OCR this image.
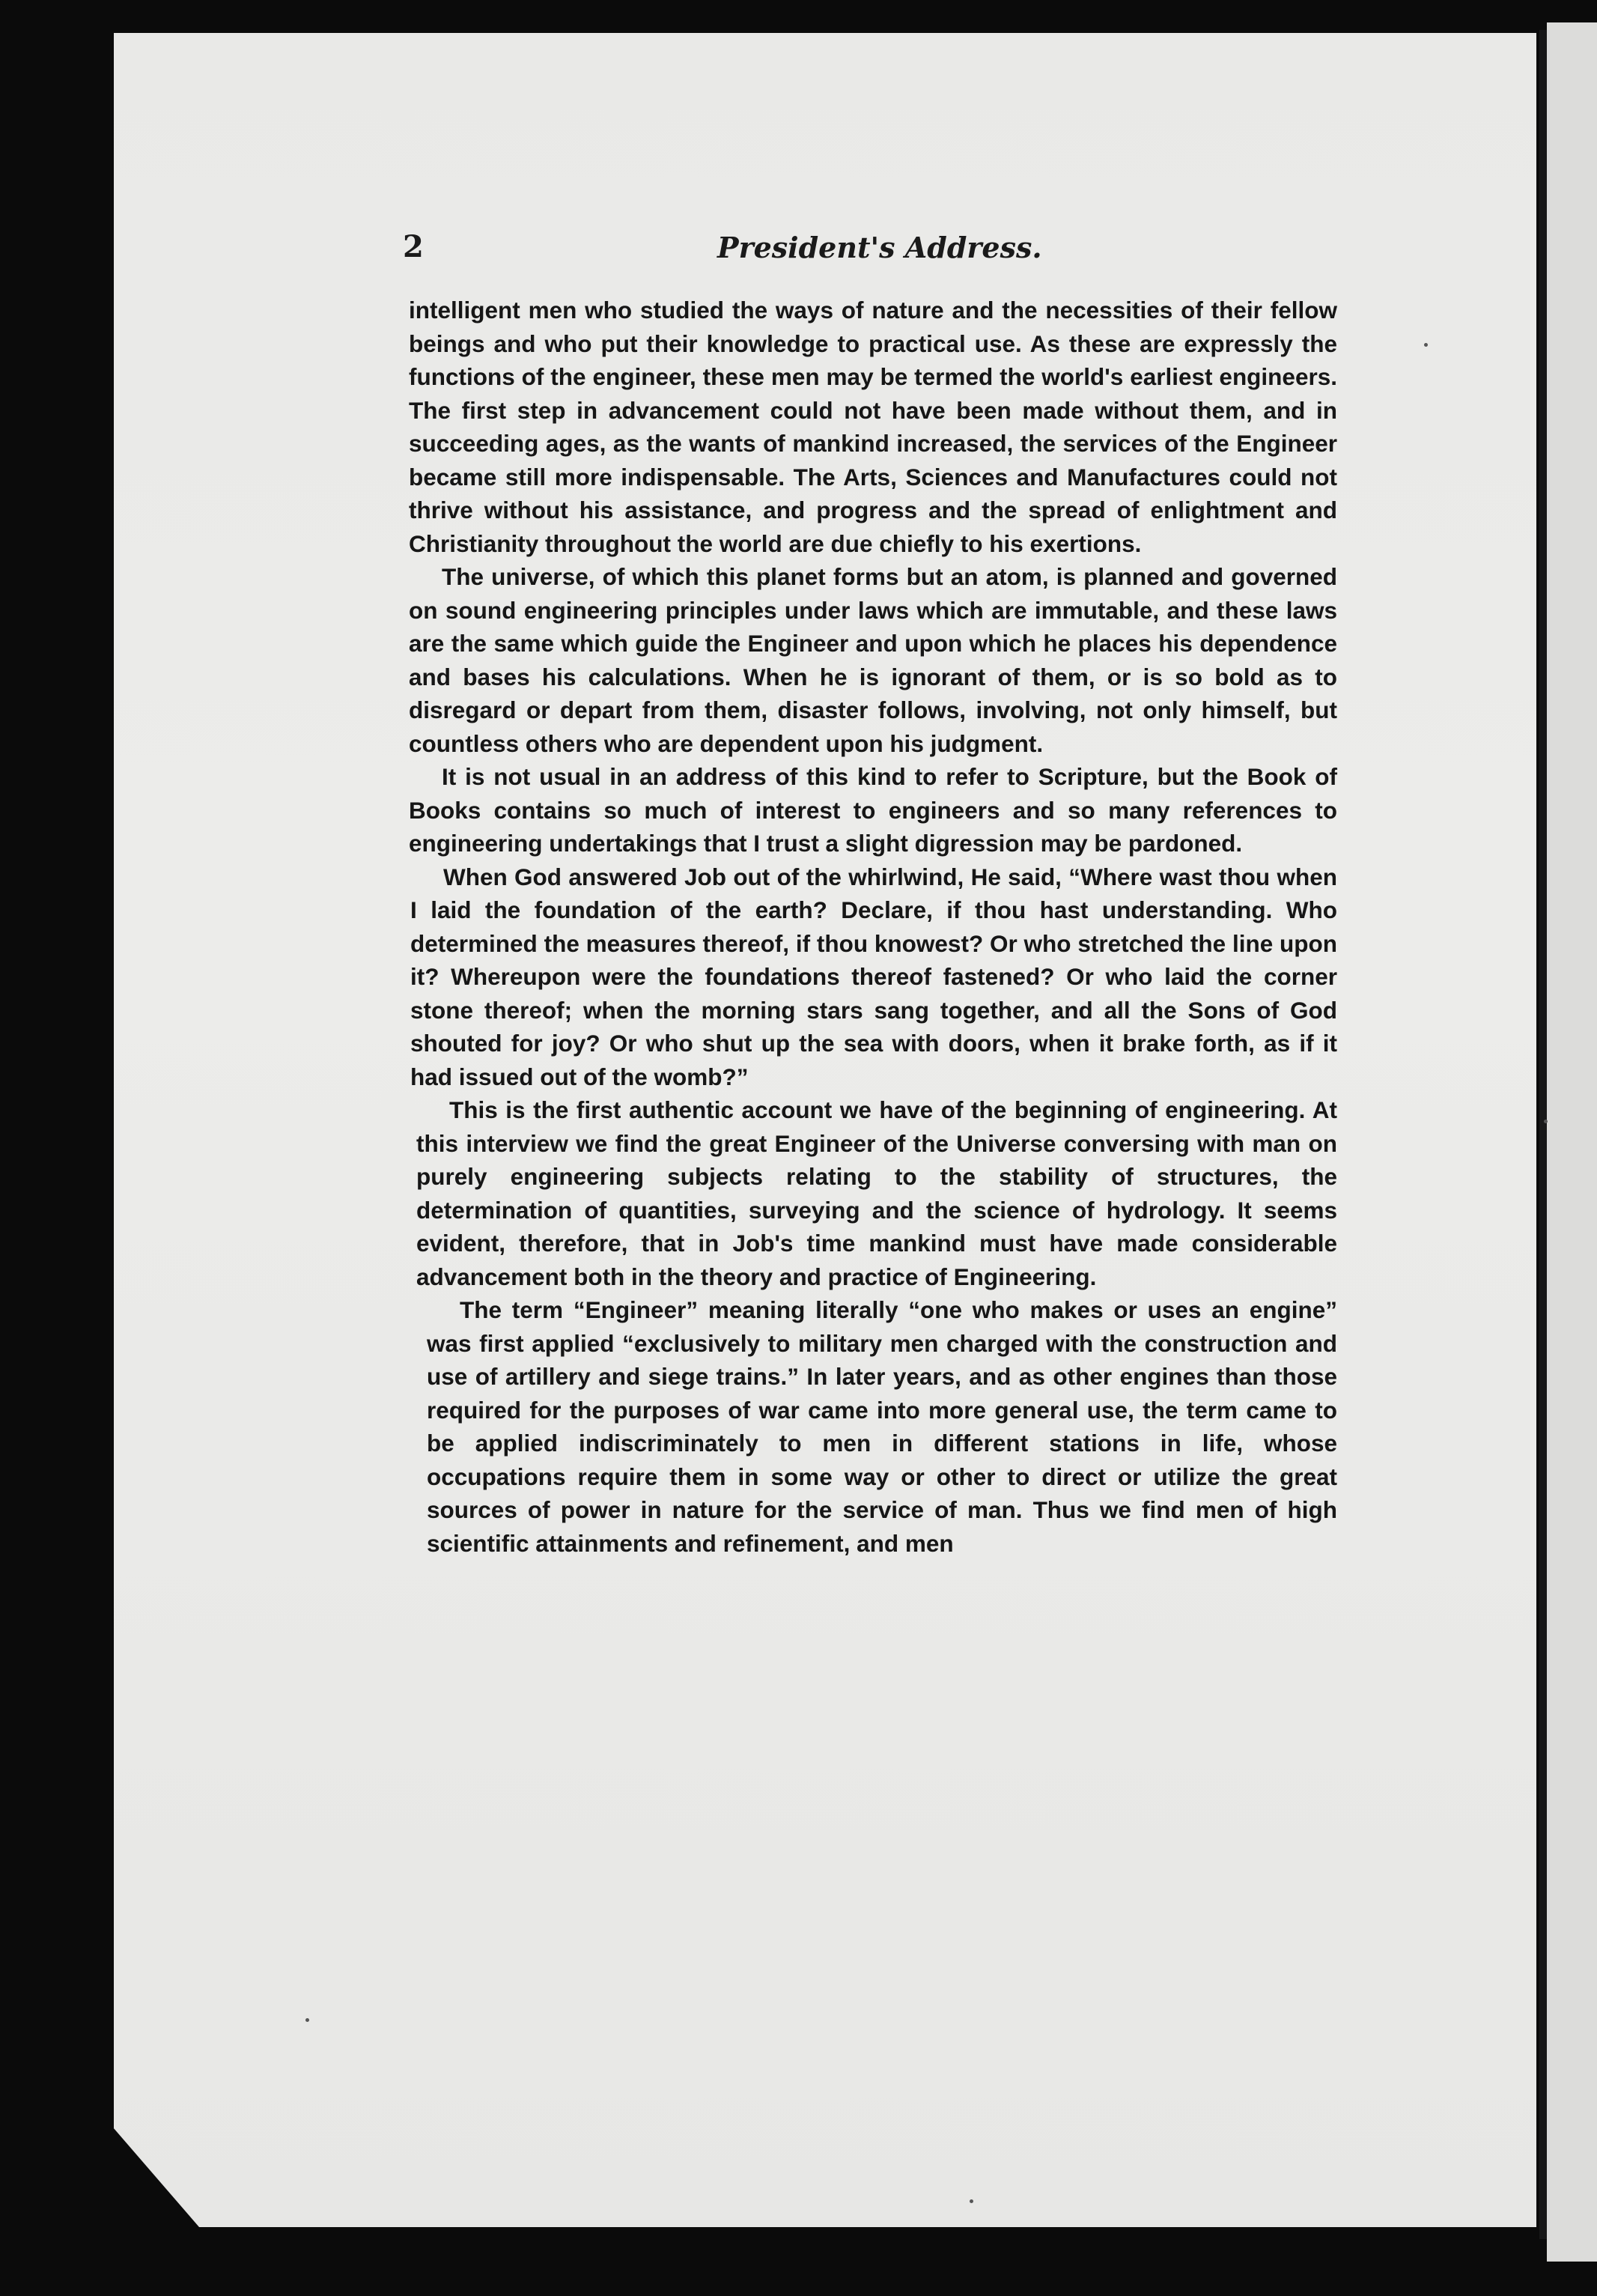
2	President's Address.

intelligent men who studied the ways of nature and the necessities of their fellow beings and who put their knowledge to practical use. As these are expressly the functions of the engineer, these men may be termed the world's earliest engineers. The first step in advancement could not have been made without them, and in succeeding ages, as the wants of mankind increased, the services of the Engineer became still more indispensable. The Arts, Sciences and Manufactures could not thrive without his assistance, and progress and the spread of enlightment and Christianity throughout the world are due chiefly to his exertions.

The universe, of which this planet forms but an atom, is planned and governed on sound engineering principles under laws which are immutable, and these laws are the same which guide the Engineer and upon which he places his dependence and bases his calculations. When he is ignorant of them, or is so bold as to disregard or depart from them, disaster follows, involving, not only himself, but countless others who are dependent upon his judgment.

It is not usual in an address of this kind to refer to Scripture, but the Book of Books contains so much of interest to engineers and so many references to engineering undertakings that I trust a slight digression may be pardoned.

When God answered Job out of the whirlwind, He said, “Where wast thou when I laid the foundation of the earth? Declare, if thou hast understanding. Who determined the measures thereof, if thou knowest? Or who stretched the line upon it? Whereupon were the foundations thereof fastened? Or who laid the corner stone thereof; when the morning stars sang together, and all the Sons of God shouted for joy? Or who shut up the sea with doors, when it brake forth, as if it had issued out of the womb?”

This is the first authentic account we have of the beginning of engineering. At this interview we find the great Engineer of the Universe conversing with man on purely engineering subjects relating to the stability of structures, the determination of quantities, surveying and the science of hydrology. It seems evident, therefore, that in Job's time mankind must have made considerable advancement both in the theory and practice of Engineering.

The term “Engineer” meaning literally “one who makes or uses an engine” was first applied “exclusively to military men charged with the construction and use of artillery and siege trains.” In later years, and as other engines than those required for the purposes of war came into more general use, the term came to be applied indiscriminately to men in different stations in life, whose occupations require them in some way or other to direct or utilize the great sources of power in nature for the service of man. Thus we find men of high scientific attainments and refinement, and men
